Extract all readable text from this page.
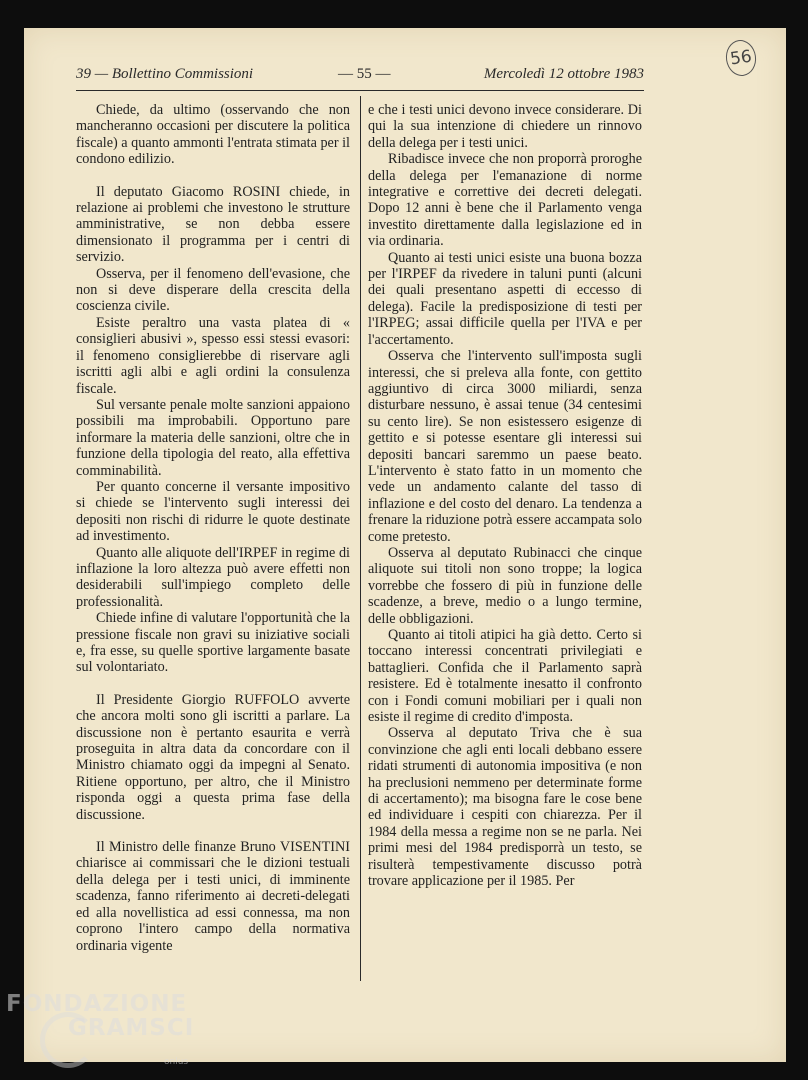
56
39 — Bollettino Commissioni	— 55 —	Mercoledì 12 ottobre 1983

Chiede, da ultimo (osservando che non mancheranno occasioni per discutere la politica fiscale) a quanto ammonti l'entrata stimata per il condono edilizio.

Il deputato Giacomo ROSINI chiede, in relazione ai problemi che investono le strutture amministrative, se non debba essere dimensionato il programma per i centri di servizio.

Osserva, per il fenomeno dell'evasione, che non si deve disperare della crescita della coscienza civile.

Esiste peraltro una vasta platea di « consiglieri abusivi », spesso essi stessi evasori: il fenomeno consiglierebbe di riservare agli iscritti agli albi e agli ordini la consulenza fiscale.

Sul versante penale molte sanzioni appaiono possibili ma improbabili. Opportuno pare informare la materia delle sanzioni, oltre che in funzione della tipologia del reato, alla effettiva comminabilità.

Per quanto concerne il versante impositivo si chiede se l'intervento sugli interessi dei depositi non rischi di ridurre le quote destinate ad investimento.

Quanto alle aliquote dell'IRPEF in regime di inflazione la loro altezza può avere effetti non desiderabili sull'impiego completo delle professionalità.

Chiede infine di valutare l'opportunità che la pressione fiscale non gravi su iniziative sociali e, fra esse, su quelle sportive largamente basate sul volontariato.

Il Presidente Giorgio RUFFOLO avverte che ancora molti sono gli iscritti a parlare. La discussione non è pertanto esaurita e verrà proseguita in altra data da concordare con il Ministro chiamato oggi da impegni al Senato. Ritiene opportuno, per altro, che il Ministro risponda oggi a questa prima fase della discussione.

Il Ministro delle finanze Bruno VISENTINI chiarisce ai commissari che le dizioni testuali della delega per i testi unici, di imminente scadenza, fanno riferimento ai decreti-delegati ed alla novellistica ad essi connessa, ma non coprono l'intero campo della normativa ordinaria vigente

e che i testi unici devono invece considerare. Di qui la sua intenzione di chiedere un rinnovo della delega per i testi unici.

Ribadisce invece che non proporrà proroghe della delega per l'emanazione di norme integrative e correttive dei decreti delegati. Dopo 12 anni è bene che il Parlamento venga investito direttamente dalla legislazione ed in via ordinaria.

Quanto ai testi unici esiste una buona bozza per l'IRPEF da rivedere in taluni punti (alcuni dei quali presentano aspetti di eccesso di delega). Facile la predisposizione di testi per l'IRPEG; assai difficile quella per l'IVA e per l'accertamento.

Osserva che l'intervento sull'imposta sugli interessi, che si preleva alla fonte, con gettito aggiuntivo di circa 3000 miliardi, senza disturbare nessuno, è assai tenue (34 centesimi su cento lire). Se non esistessero esigenze di gettito e si potesse esentare gli interessi sui depositi bancari saremmo un paese beato. L'intervento è stato fatto in un momento che vede un andamento calante del tasso di inflazione e del costo del denaro. La tendenza a frenare la riduzione potrà essere accampata solo come pretesto.

Osserva al deputato Rubinacci che cinque aliquote sui titoli non sono troppe; la logica vorrebbe che fossero di più in funzione delle scadenze, a breve, medio o a lungo termine, delle obbligazioni.

Quanto ai titoli atipici ha già detto. Certo si toccano interessi concentrati privilegiati e battaglieri. Confida che il Parlamento saprà resistere. Ed è totalmente inesatto il confronto con i Fondi comuni mobiliari per i quali non esiste il regime di credito d'imposta.

Osserva al deputato Triva che è sua convinzione che agli enti locali debbano essere ridati strumenti di autonomia impositiva (e non ha preclusioni nemmeno per determinate forme di accertamento); ma bisogna fare le cose bene ed individuare i cespiti con chiarezza. Per il 1984 della messa a regime non se ne parla. Nei primi mesi del 1984 predisporrà un testo, se risulterà tempestivamente discusso potrà trovare applicazione per il 1985. Per

FONDAZIONE
GRAMSCI
onlus
